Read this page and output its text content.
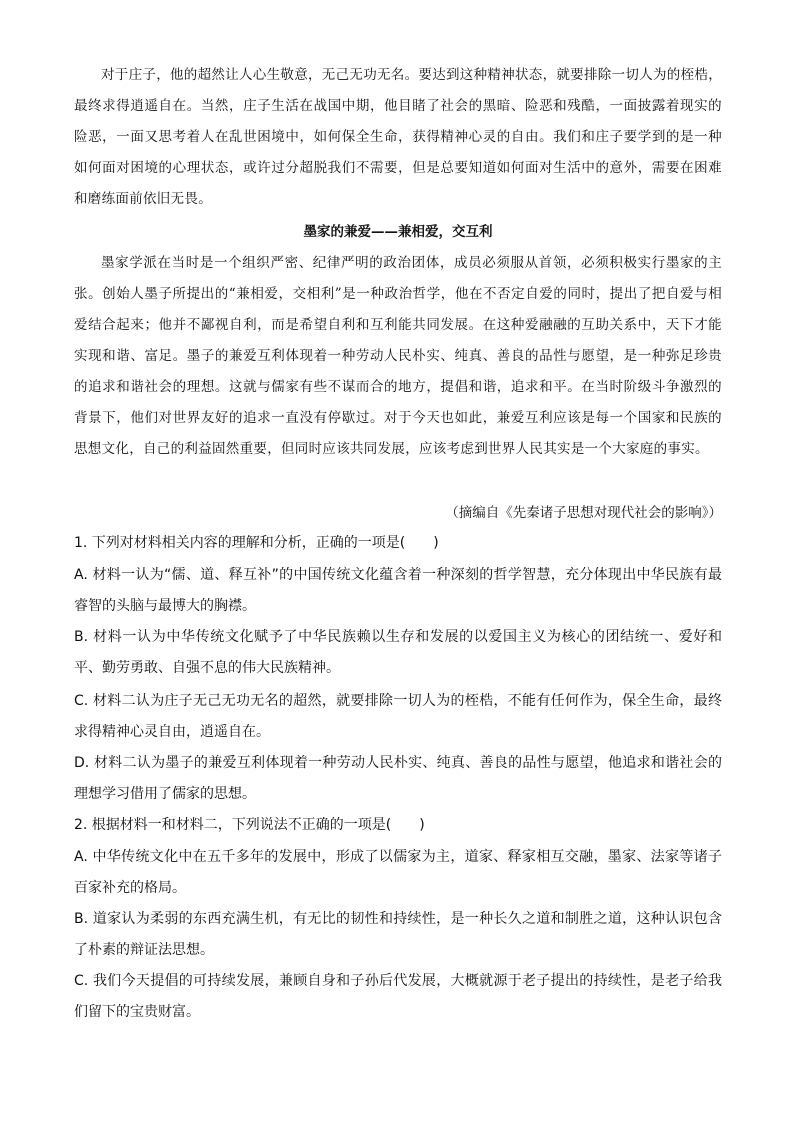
对于庄子，他的超然让人心生敬意，无己无功无名。要达到这种精神状态，就要排除一切人为的桎梏，最终求得逍遥自在。当然，庄子生活在战国中期，他目睹了社会的黑暗、险恶和残酷，一面披露着现实的险恶，一面又思考着人在乱世困境中，如何保全生命，获得精神心灵的自由。我们和庄子要学到的是一种如何面对困境的心理状态，或许过分超脱我们不需要，但是总要知道如何面对生活中的意外，需要在困难和磨练面前依旧无畏。

墨家的兼爱——兼相爱，交互利

墨家学派在当时是一个组织严密、纪律严明的政治团体，成员必须服从首领，必须积极实行墨家的主张。创始人墨子所提出的“兼相爱，交相利”是一种政治哲学，他在不否定自爱的同时，提出了把自爱与相爱结合起来；他并不鄙视自利，而是希望自利和互利能共同发展。在这种爱融融的互助关系中，天下才能实现和谐、富足。墨子的兼爱互利体现着一种劳动人民朴实、纯真、善良的品性与愿望，是一种弥足珍贵的追求和谐社会的理想。这就与儒家有些不谋而合的地方，提倡和谐，追求和平。在当时阶级斗争激烈的背景下，他们对世界友好的追求一直没有停歇过。对于今天也如此，兼爱互利应该是每一个国家和民族的思想文化，自己的利益固然重要，但同时应该共同发展，应该考虑到世界人民其实是一个大家庭的事实。

（摘编自《先秦诸子思想对现代社会的影响》）

1. 下列对材料相关内容的理解和分析，正确的一项是(　　)

A. 材料一认为“儒、道、释互补”的中国传统文化蕴含着一种深刻的哲学智慧，充分体现出中华民族有最睿智的头脑与最博大的胸襟。

B. 材料一认为中华传统文化赋予了中华民族赖以生存和发展的以爱国主义为核心的团结统一、爱好和平、勤劳勇敢、自强不息的伟大民族精神。

C. 材料二认为庄子无己无功无名的超然，就要排除一切人为的桎梏，不能有任何作为，保全生命，最终求得精神心灵自由，逍遥自在。

D. 材料二认为墨子的兼爱互利体现着一种劳动人民朴实、纯真、善良的品性与愿望，他追求和谐社会的理想学习借用了儒家的思想。

2. 根据材料一和材料二，下列说法不正确的一项是(　　)

A. 中华传统文化中在五千多年的发展中，形成了以儒家为主，道家、释家相互交融，墨家、法家等诸子百家补充的格局。

B. 道家认为柔弱的东西充满生机，有无比的韧性和持续性，是一种长久之道和制胜之道，这种认识包含了朴素的辩证法思想。

C. 我们今天提倡的可持续发展，兼顾自身和子孙后代发展，大概就源于老子提出的持续性，是老子给我们留下的宝贵财富。
